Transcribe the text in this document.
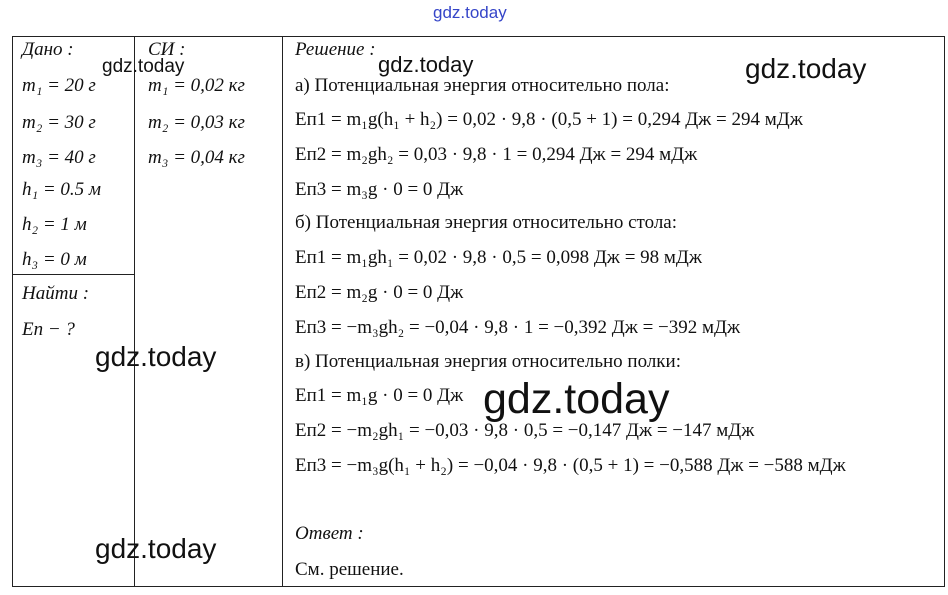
gdz.today
Дано :
m₁ = 20 г
m₂ = 30 г
m₃ = 40 г
h₁ = 0.5 м
h₂ = 1 м
h₃ = 0 м
Найти :
Eп − ?
СИ :
m₁ = 0,02 кг
m₂ = 0,03 кг
m₃ = 0,04 кг
Решение :
а) Потенциальная энергия относительно пола:
Eп1 = m₁g(h₁ + h₂) = 0,02 · 9,8 · (0,5 + 1) = 0,294 Дж = 294 мДж
Eп2 = m₂gh₂ = 0,03 · 9,8 · 1 = 0,294 Дж = 294 мДж
Eп3 = m₃g · 0 = 0 Дж
б) Потенциальная энергия относительно стола:
Eп1 = m₁gh₁ = 0,02 · 9,8 · 0,5 = 0,098 Дж = 98 мДж
Eп2 = m₂g · 0 = 0 Дж
Eп3 = −m₃gh₂ = −0,04 · 9,8 · 1 = −0,392 Дж = −392 мДж
в) Потенциальная энергия относительно полки:
Eп1 = m₁g · 0 = 0 Дж
Eп2 = −m₂gh₁ = −0,03 · 9,8 · 0,5 = −0,147 Дж = −147 мДж
Eп3 = −m₃g(h₁ + h₂) = −0,04 · 9,8 · (0,5 + 1) = −0,588 Дж = −588 мДж
Ответ :
См. решение.
gdz.today	gdz.today	gdz.today
gdz.today
gdz.today
gdz.today
